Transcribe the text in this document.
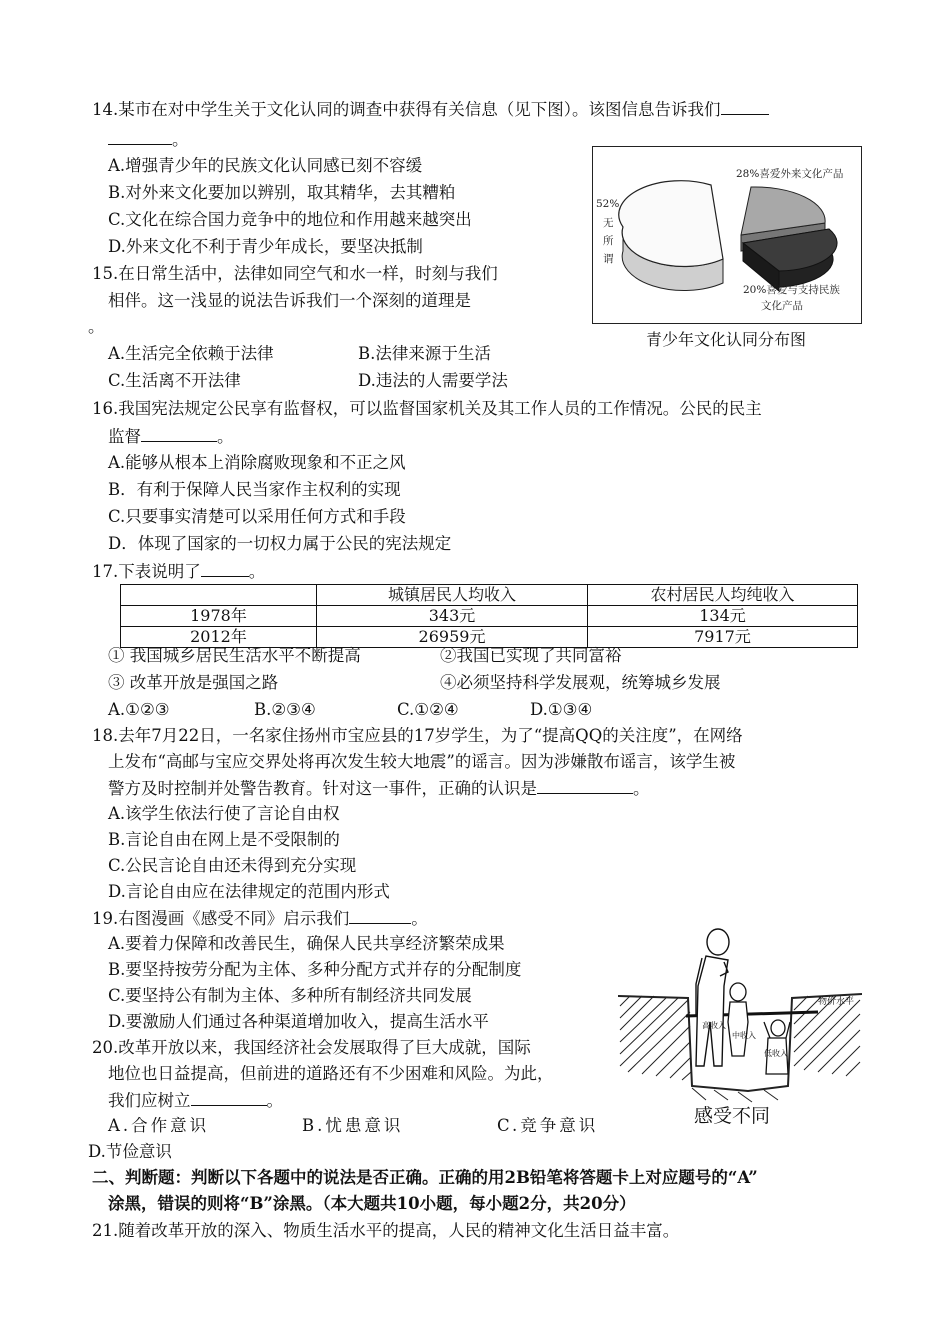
14.某市在对中学生关于文化认同的调查中获得有关信息（见下图）。该图信息告诉我们
。
A.增强青少年的民族文化认同感已刻不容缓
B.对外来文化要加以辨别，取其精华，去其糟粕
C.文化在综合国力竞争中的地位和作用越来越突出
D.外来文化不利于青少年成长，要坚决抵制
52%
无
所
谓
28%喜爱外来文化产品
20%喜爱与支持民族
文化产品
青少年文化认同分布图
15.在日常生活中，法律如同空气和水一样，时刻与我们
相伴。这一浅显的说法告诉我们一个深刻的道理是
。
A.生活完全依赖于法律	B.法律来源于生活
C.生活离不开法律	D.违法的人需要学法
16.我国宪法规定公民享有监督权，可以监督国家机关及其工作人员的工作情况。公民的民主
监督	。
A.能够从根本上消除腐败现象和不正之风
B．有利于保障人民当家作主权利的实现
C.只要事实清楚可以采用任何方式和手段
D．体现了国家的一切权力属于公民的宪法规定
17.下表说明了	。
	城镇居民人均收入	农村居民人均纯收入
1978年	343元	134元
2012年	26959元	7917元
① 我国城乡居民生活水平不断提高	②我国已实现了共同富裕
③ 改革开放是强国之路	④必须坚持科学发展观，统筹城乡发展
A.①②③	B.②③④	C.①②④	D.①③④
18.去年7月22日，一名家住扬州市宝应县的17岁学生，为了“提高QQ的关注度”，在网络
上发布“高邮与宝应交界处将再次发生较大地震”的谣言。因为涉嫌散布谣言，该学生被
警方及时控制并处警告教育。针对这一事件，正确的认识是	。
A.该学生依法行使了言论自由权
B.言论自由在网上是不受限制的
C.公民言论自由还未得到充分实现
D.言论自由应在法律规定的范围内形式
19.右图漫画《感受不同》启示我们	。
A.要着力保障和改善民生，确保人民共享经济繁荣成果
B.要坚持按劳分配为主体、多种分配方式并存的分配制度
C.要坚持公有制为主体、多种所有制经济共同发展
D.要激励人们通过各种渠道增加收入，提高生活水平
物价水平
高收入
中收入
低收入
感受不同
20.改革开放以来，我国经济社会发展取得了巨大成就，国际
地位也日益提高，但前进的道路还有不少困难和风险。为此，
我们应树立	。
A.合作意识	B.忧患意识	C.竞争意识
D.节俭意识
二、判断题：判断以下各题中的说法是否正确。正确的用2B铅笔将答题卡上对应题号的“A”
涂黑，错误的则将“B”涂黑。（本大题共10小题，每小题2分，共20分）
21.随着改革开放的深入、物质生活水平的提高，人民的精神文化生活日益丰富。
